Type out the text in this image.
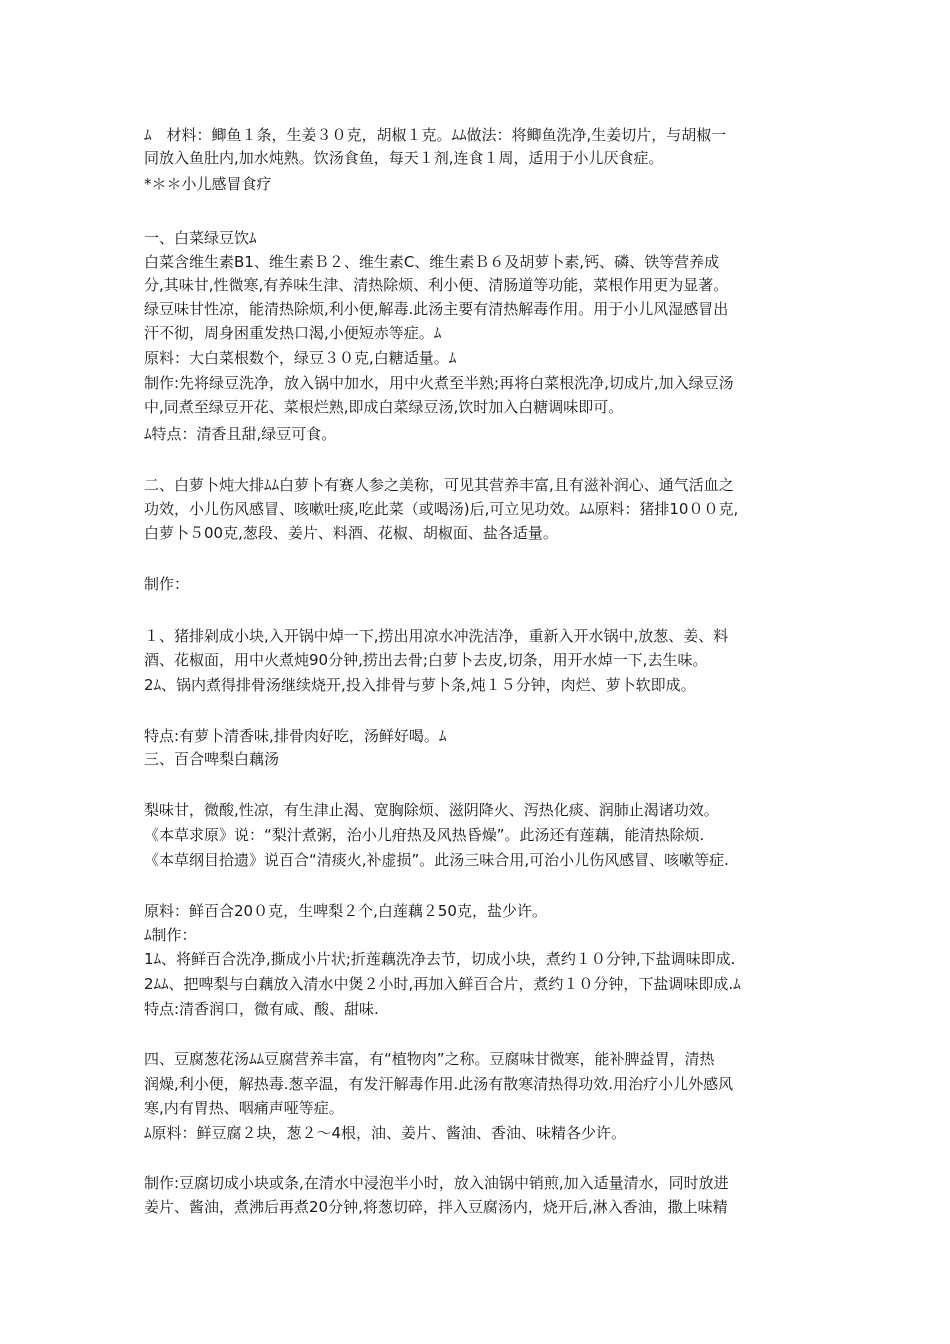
ﾑ　材料：鲫鱼１条，生姜３０克，胡椒１克。ﾑﾑ做法：将鲫鱼洗净,生姜切片，与胡椒一
同放入鱼肚内,加水炖熟。饮汤食鱼，每天１剂,连食１周，适用于小儿厌食症。
*＊＊小儿感冒食疗
一、白菜绿豆饮ﾑ
白菜含维生素B1、维生素Ｂ２、维生素C、维生素Ｂ６及胡萝卜素,钙、磷、铁等营养成
分,其味甘,性微寒,有养味生津、清热除烦、利小便、清肠道等功能，菜根作用更为显著。
绿豆味甘性凉，能清热除烦,利小便,解毒.此汤主要有清热解毒作用。用于小儿风湿感冒出
汗不彻，周身困重发热口渴,小便短赤等症。ﾑ
原料：大白菜根数个，绿豆３０克,白糖适量。ﾑ
制作:先将绿豆洗净，放入锅中加水，用中火煮至半熟;再将白菜根洗净,切成片,加入绿豆汤
中,同煮至绿豆开花、菜根烂熟,即成白菜绿豆汤,饮时加入白糖调味即可。
ﾑ特点：清香且甜,绿豆可食。
二、白萝卜炖大排ﾑﾑ白萝卜有赛人参之美称，可见其营养丰富,且有滋补润心、通气活血之
功效，小儿伤风感冒、咳嗽吐痰,吃此菜（或喝汤)后,可立见功效。ﾑﾑ原料：猪排10００克,
白萝卜５00克,葱段、姜片、料酒、花椒、胡椒面、盐各适量。
制作：
１、猪排剁成小块,入开锅中焯一下,捞出用凉水冲洗洁净，重新入开水锅中,放葱、姜、料
酒、花椒面，用中火煮炖90分钟,捞出去骨;白萝卜去皮,切条，用开水焯一下,去生味。
2ﾑ、锅内煮得排骨汤继续烧开,投入排骨与萝卜条,炖１５分钟，肉烂、萝卜软即成。
特点:有萝卜清香味,排骨肉好吃，汤鲜好喝。ﾑ
三、百合啤梨白藕汤
梨味甘，微酸,性凉，有生津止渴、宽胸除烦、滋阴降火、泻热化痰、润肺止渴诸功效。
《本草求原》说：“梨汁煮粥，治小儿疳热及风热昏燥”。此汤还有莲藕，能清热除烦.
《本草纲目拾遗》说百合“清痰火,补虚损”。此汤三味合用,可治小儿伤风感冒、咳嗽等症.
原料：鲜百合20０克，生啤梨２个,白莲藕２50克，盐少许。
ﾑ制作：
1ﾑ、将鲜百合洗净,撕成小片状;折莲藕洗净去节，切成小块，煮约１０分钟,下盐调味即成.
2ﾑﾑ、把啤梨与白藕放入清水中煲２小时,再加入鲜百合片，煮约１０分钟，下盐调味即成.ﾑ
特点:清香润口，微有咸、酸、甜味.
四、豆腐葱花汤ﾑﾑ豆腐营养丰富，有“植物肉”之称。豆腐味甘微寒，能补脾益胃，清热
润燥,利小便，解热毒.葱辛温，有发汗解毒作用.此汤有散寒清热得功效.用治疗小儿外感风
寒,内有胃热、咽痛声哑等症。
ﾑ原料：鲜豆腐２块，葱２～4根，油、姜片、酱油、香油、味精各少许。
制作:豆腐切成小块或条,在清水中浸泡半小时，放入油锅中销煎,加入适量清水，同时放进
姜片、酱油，煮沸后再煮20分钟,将葱切碎，拌入豆腐汤内，烧开后,淋入香油，撒上味精
